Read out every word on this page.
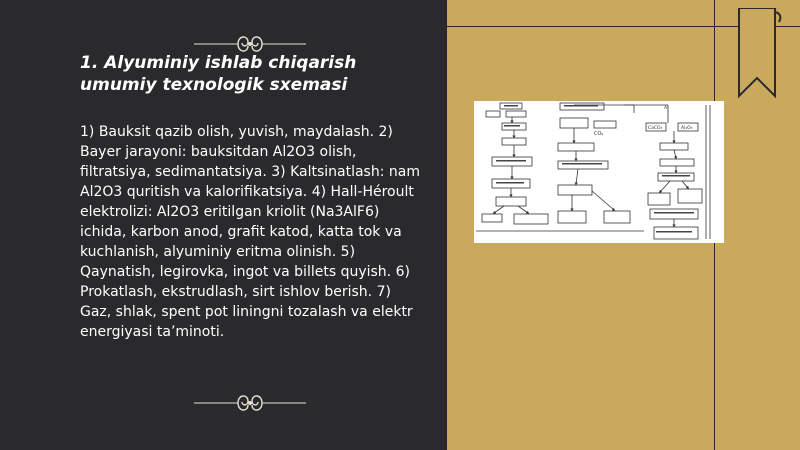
1. Alyuminiy ishlab chiqarish umumiy texnologik sxemasi

1) Bauksit qazib olish, yuvish, maydalash. 2) Bayer jarayoni: bauksitdan Al2O3 olish, filtratsiya, sedimantatsiya. 3) Kaltsinatlash: nam Al2O3 quritish va kalorifikatsiya. 4) Hall-Héroult elektrolizi: Al2O3 eritilgan kriolit (Na3AlF6) ichida, karbon anod, grafit katod, katta tok va kuchlanish, alyuminiy eritma olinish. 5) Qaynatish, legirovka, ingot va billets quyish. 6) Prokatlash, ekstrudlash, sirt ishlov berish. 7) Gaz, shlak, spent pot liningni tozalash va elektr energiyasi ta’minoti.

CO₂
CaCO₃	Al₂O₃
Al
